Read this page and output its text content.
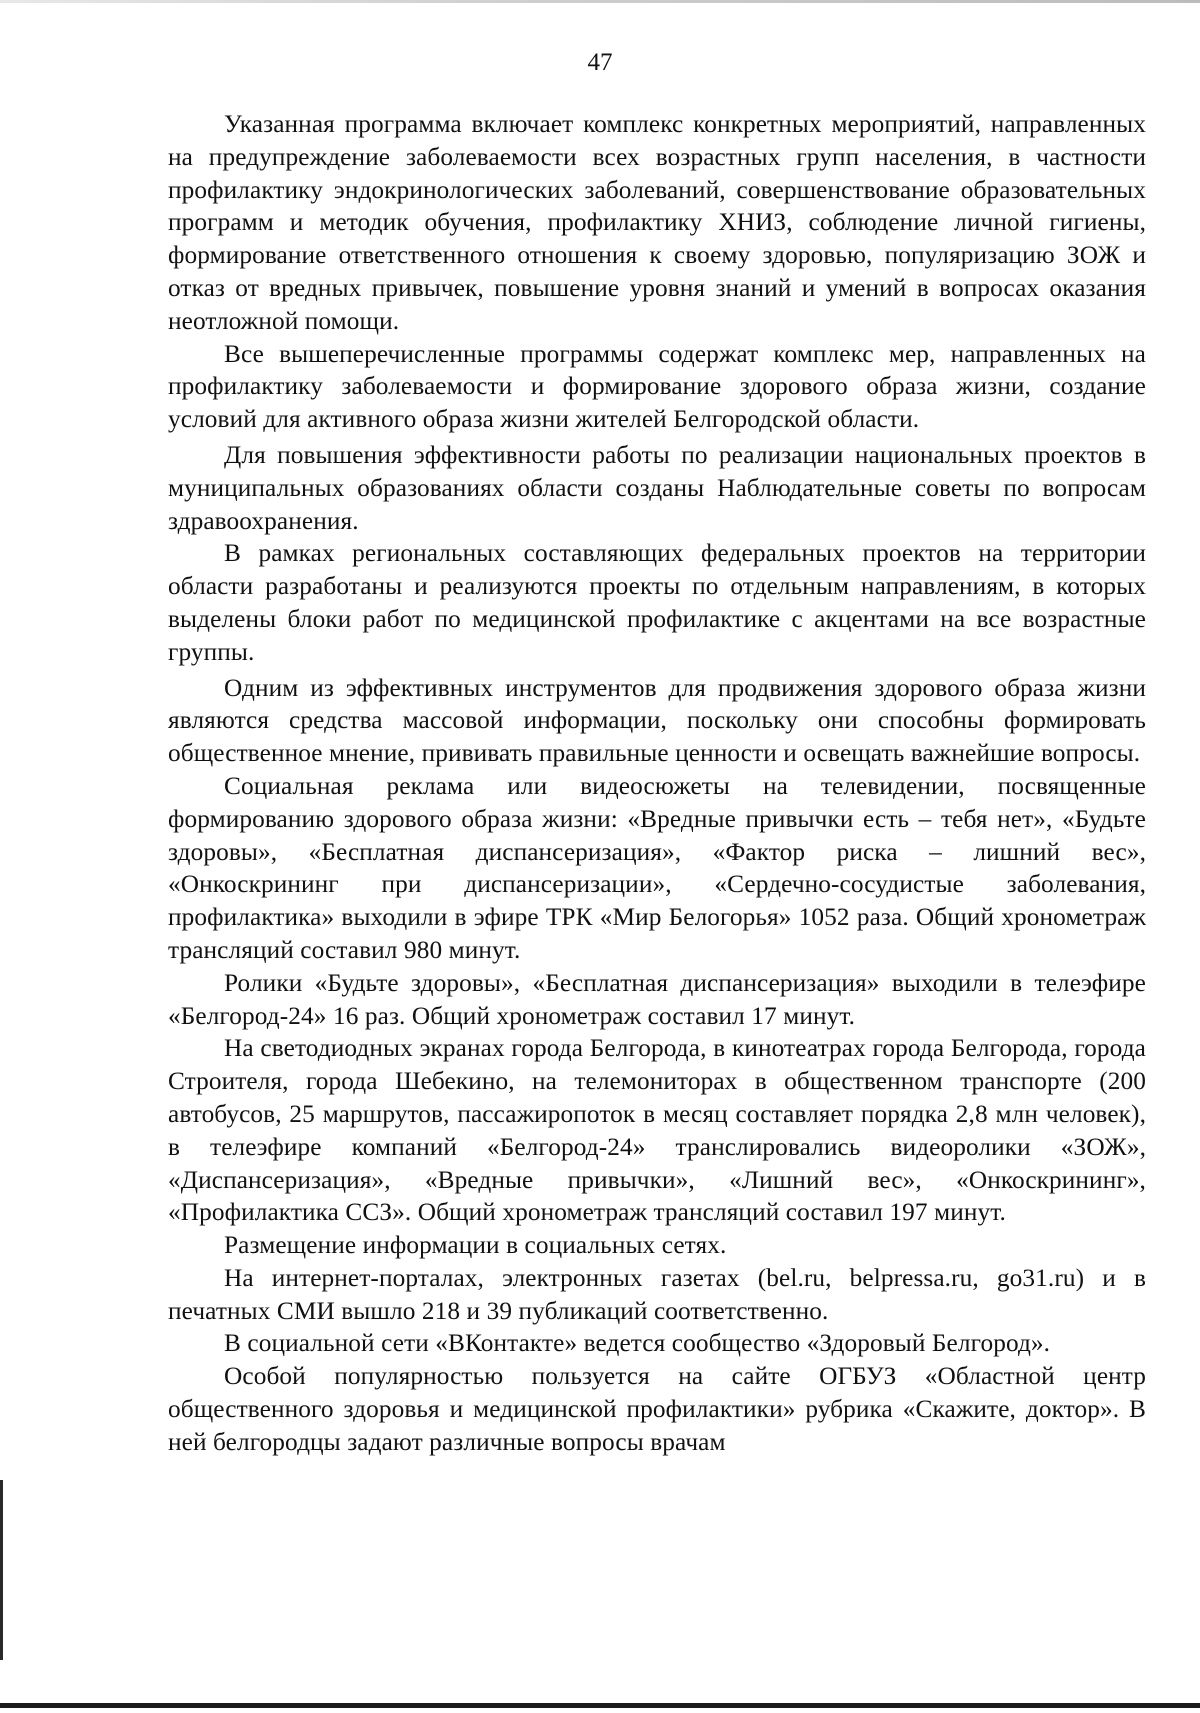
47

Указанная программа включает комплекс конкретных мероприятий, направленных на предупреждение заболеваемости всех возрастных групп населения, в частности профилактику эндокринологических заболеваний, совершенствование образовательных программ и методик обучения, профилактику ХНИЗ, соблюдение личной гигиены, формирование ответственного отношения к своему здоровью, популяризацию ЗОЖ и отказ от вредных привычек, повышение уровня знаний и умений в вопросах оказания неотложной помощи.

Все вышеперечисленные программы содержат комплекс мер, направленных на профилактику заболеваемости и формирование здорового образа жизни, создание условий для активного образа жизни жителей Белгородской области.

Для повышения эффективности работы по реализации национальных проектов в муниципальных образованиях области созданы Наблюдательные советы по вопросам здравоохранения.

В рамках региональных составляющих федеральных проектов на территории области разработаны и реализуются проекты по отдельным направлениям, в которых выделены блоки работ по медицинской профилактике с акцентами на все возрастные группы.

Одним из эффективных инструментов для продвижения здорового образа жизни являются средства массовой информации, поскольку они способны формировать общественное мнение, прививать правильные ценности и освещать важнейшие вопросы.

Социальная реклама или видеосюжеты на телевидении, посвященные формированию здорового образа жизни: «Вредные привычки есть – тебя нет», «Будьте здоровы», «Бесплатная диспансеризация», «Фактор риска – лишний вес», «Онкоскрининг при диспансеризации», «Сердечно-сосудистые заболевания, профилактика» выходили в эфире ТРК «Мир Белогорья» 1052 раза. Общий хронометраж трансляций составил 980 минут.

Ролики «Будьте здоровы», «Бесплатная диспансеризация» выходили в телеэфире «Белгород-24» 16 раз. Общий хронометраж составил 17 минут.

На светодиодных экранах города Белгорода, в кинотеатрах города Белгорода, города Строителя, города Шебекино, на телемониторах в общественном транспорте (200 автобусов, 25 маршрутов, пассажиропоток в месяц составляет порядка 2,8 млн человек), в телеэфире компаний «Белгород-24» транслировались видеоролики «ЗОЖ», «Диспансеризация», «Вредные привычки», «Лишний вес», «Онкоскрининг», «Профилактика ССЗ». Общий хронометраж трансляций составил 197 минут.

Размещение информации в социальных сетях.

На интернет-порталах, электронных газетах (bel.ru, belpressa.ru, go31.ru) и в печатных СМИ вышло 218 и 39 публикаций соответственно.

В социальной сети «ВКонтакте» ведется сообщество «Здоровый Белгород».

Особой популярностью пользуется на сайте ОГБУЗ «Областной центр общественного здоровья и медицинской профилактики» рубрика «Скажите, доктор». В ней белгородцы задают различные вопросы врачам
